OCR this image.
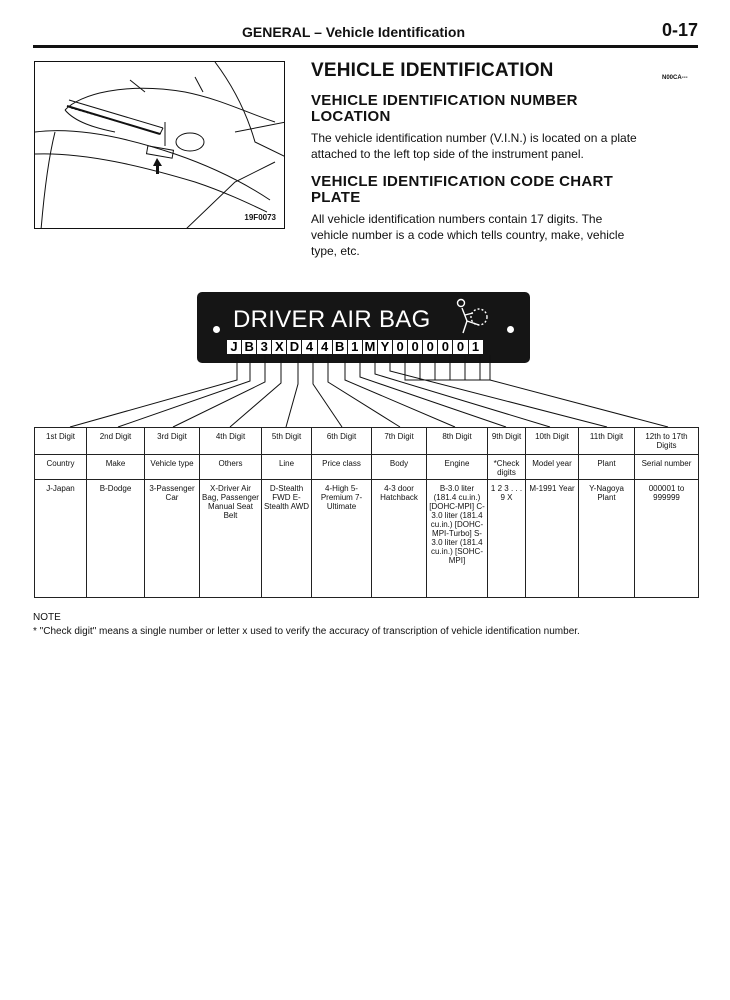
GENERAL – Vehicle Identification	0-17
19F0073
VEHICLE IDENTIFICATION	N00CA---
VEHICLE IDENTIFICATION NUMBER
LOCATION
The vehicle identification number (V.I.N.) is located on a plate
attached to the left top side of the instrument panel.
VEHICLE IDENTIFICATION CODE CHART
PLATE
All vehicle identification numbers contain 17 digits. The
vehicle number is a code which tells country, make, vehicle
type, etc.
DRIVER AIR BAG
J B 3 X D 4 4 B 1 M Y 0 0 0 0 0 1
1st Digit	2nd Digit	3rd Digit	4th Digit	5th Digit	6th Digit	7th Digit	8th Digit	9th Digit	10th Digit	11th Digit	12th to 17th Digits
Country	Make	Vehicle type	Others	Line	Price class	Body	Engine	*Check digits	Model year	Plant	Serial number
J-Japan	B-Dodge	3-Passenger Car	X-Driver Air Bag, Passenger Manual Seat Belt	D-Stealth FWD E-Stealth AWD	4-High 5-Premium 7-Ultimate	4-3 door Hatchback	B-3.0 liter (181.4 cu.in.) [DOHC-MPI] C-3.0 liter (181.4 cu.in.) [DOHC-MPI-Turbo] S-3.0 liter (181.4 cu.in.) [SOHC-MPI]	1 2 3 . . . 9 X	M-1991 Year	Y-Nagoya Plant	000001 to 999999
NOTE
* "Check digit" means a single number or letter x used to verify the accuracy of transcription of vehicle identification number.
